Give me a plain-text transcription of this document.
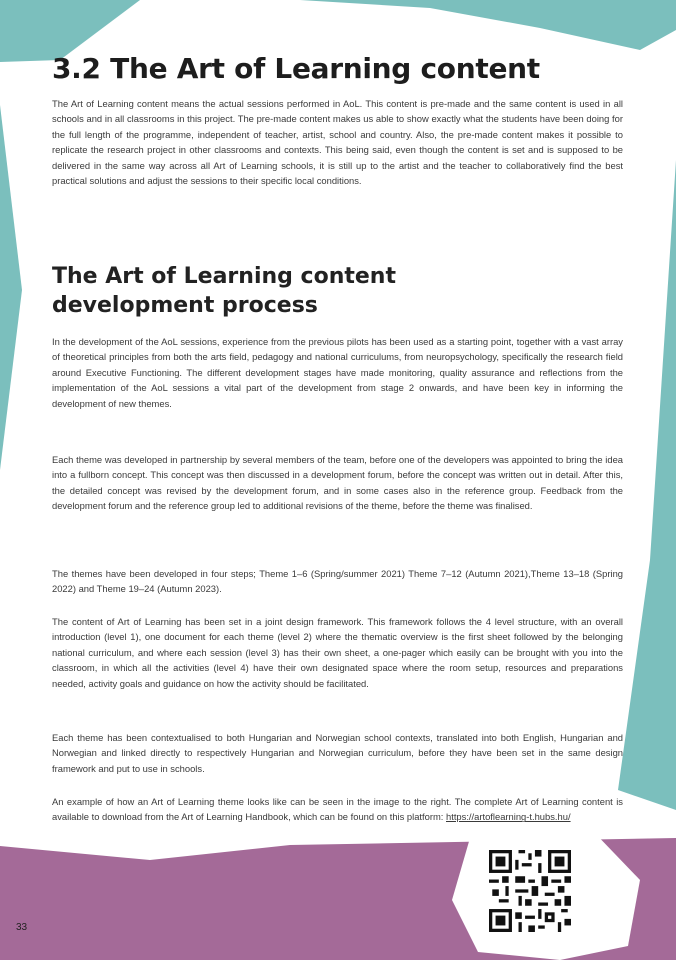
3.2 The Art of Learning content

The Art of Learning content means the actual sessions performed in AoL. This content is pre-made and the same content is used in all schools and in all classrooms in this project. The pre-made content makes us able to show exactly what the students have been doing for the full length of the programme, independent of teacher, artist, school and country. Also, the pre-made content makes it possible to replicate the research project in other classrooms and contexts. This being said, even though the content is set and is supposed to be delivered in the same way across all Art of Learning schools, it is still up to the artist and the teacher to collaboratively find the best practical solutions and adjust the sessions to their specific local conditions.

The Art of Learning content development process

In the development of the AoL sessions, experience from the previous pilots has been used as a starting point, together with a vast array of theoretical principles from both the arts field, pedagogy and national curriculums, from neuropsychology, specifically the research field around Executive Functioning. The different development stages have made monitoring, quality assurance and reflections from the implementation of the AoL sessions a vital part of the development from stage 2 onwards, and have been key in informing the development of new themes.

Each theme was developed in partnership by several members of the team, before one of the developers was appointed to bring the idea into a fullborn concept. This concept was then discussed in a development forum, before the concept was written out in detail. After this, the detailed concept was revised by the development forum, and in some cases also in the reference group. Feedback from the development forum and the reference group led to additional revisions of the theme, before the theme was finalised.

The themes have been developed in four steps; Theme 1–6 (Spring/summer 2021) Theme 7–12 (Autumn 2021),Theme 13–18 (Spring 2022) and Theme 19–24 (Autumn 2023).

The content of Art of Learning has been set in a joint design framework. This framework follows the 4 level structure, with an overall introduction (level 1), one document for each theme (level 2) where the thematic overview is the first sheet followed by the belonging national curriculum, and where each session (level 3) has their own sheet, a one-pager which easily can be brought with you into the classroom, in which all the activities (level 4) have their own designated space where the room setup, resources and preparations needed, activity goals and guidance on how the activity should be facilitated.

Each theme has been contextualised to both Hungarian and Norwegian school contexts, translated into both English, Hungarian and Norwegian and linked directly to respectively Hungarian and Norwegian curriculum, before they have been set in the same design framework and put to use in schools.

An example of how an Art of Learning theme looks like can be seen in the image to the right. The complete Art of Learning content is available to download from the Art of Learning Handbook, which can be found on this platform: https://artoflearning-t.hubs.hu/

33
